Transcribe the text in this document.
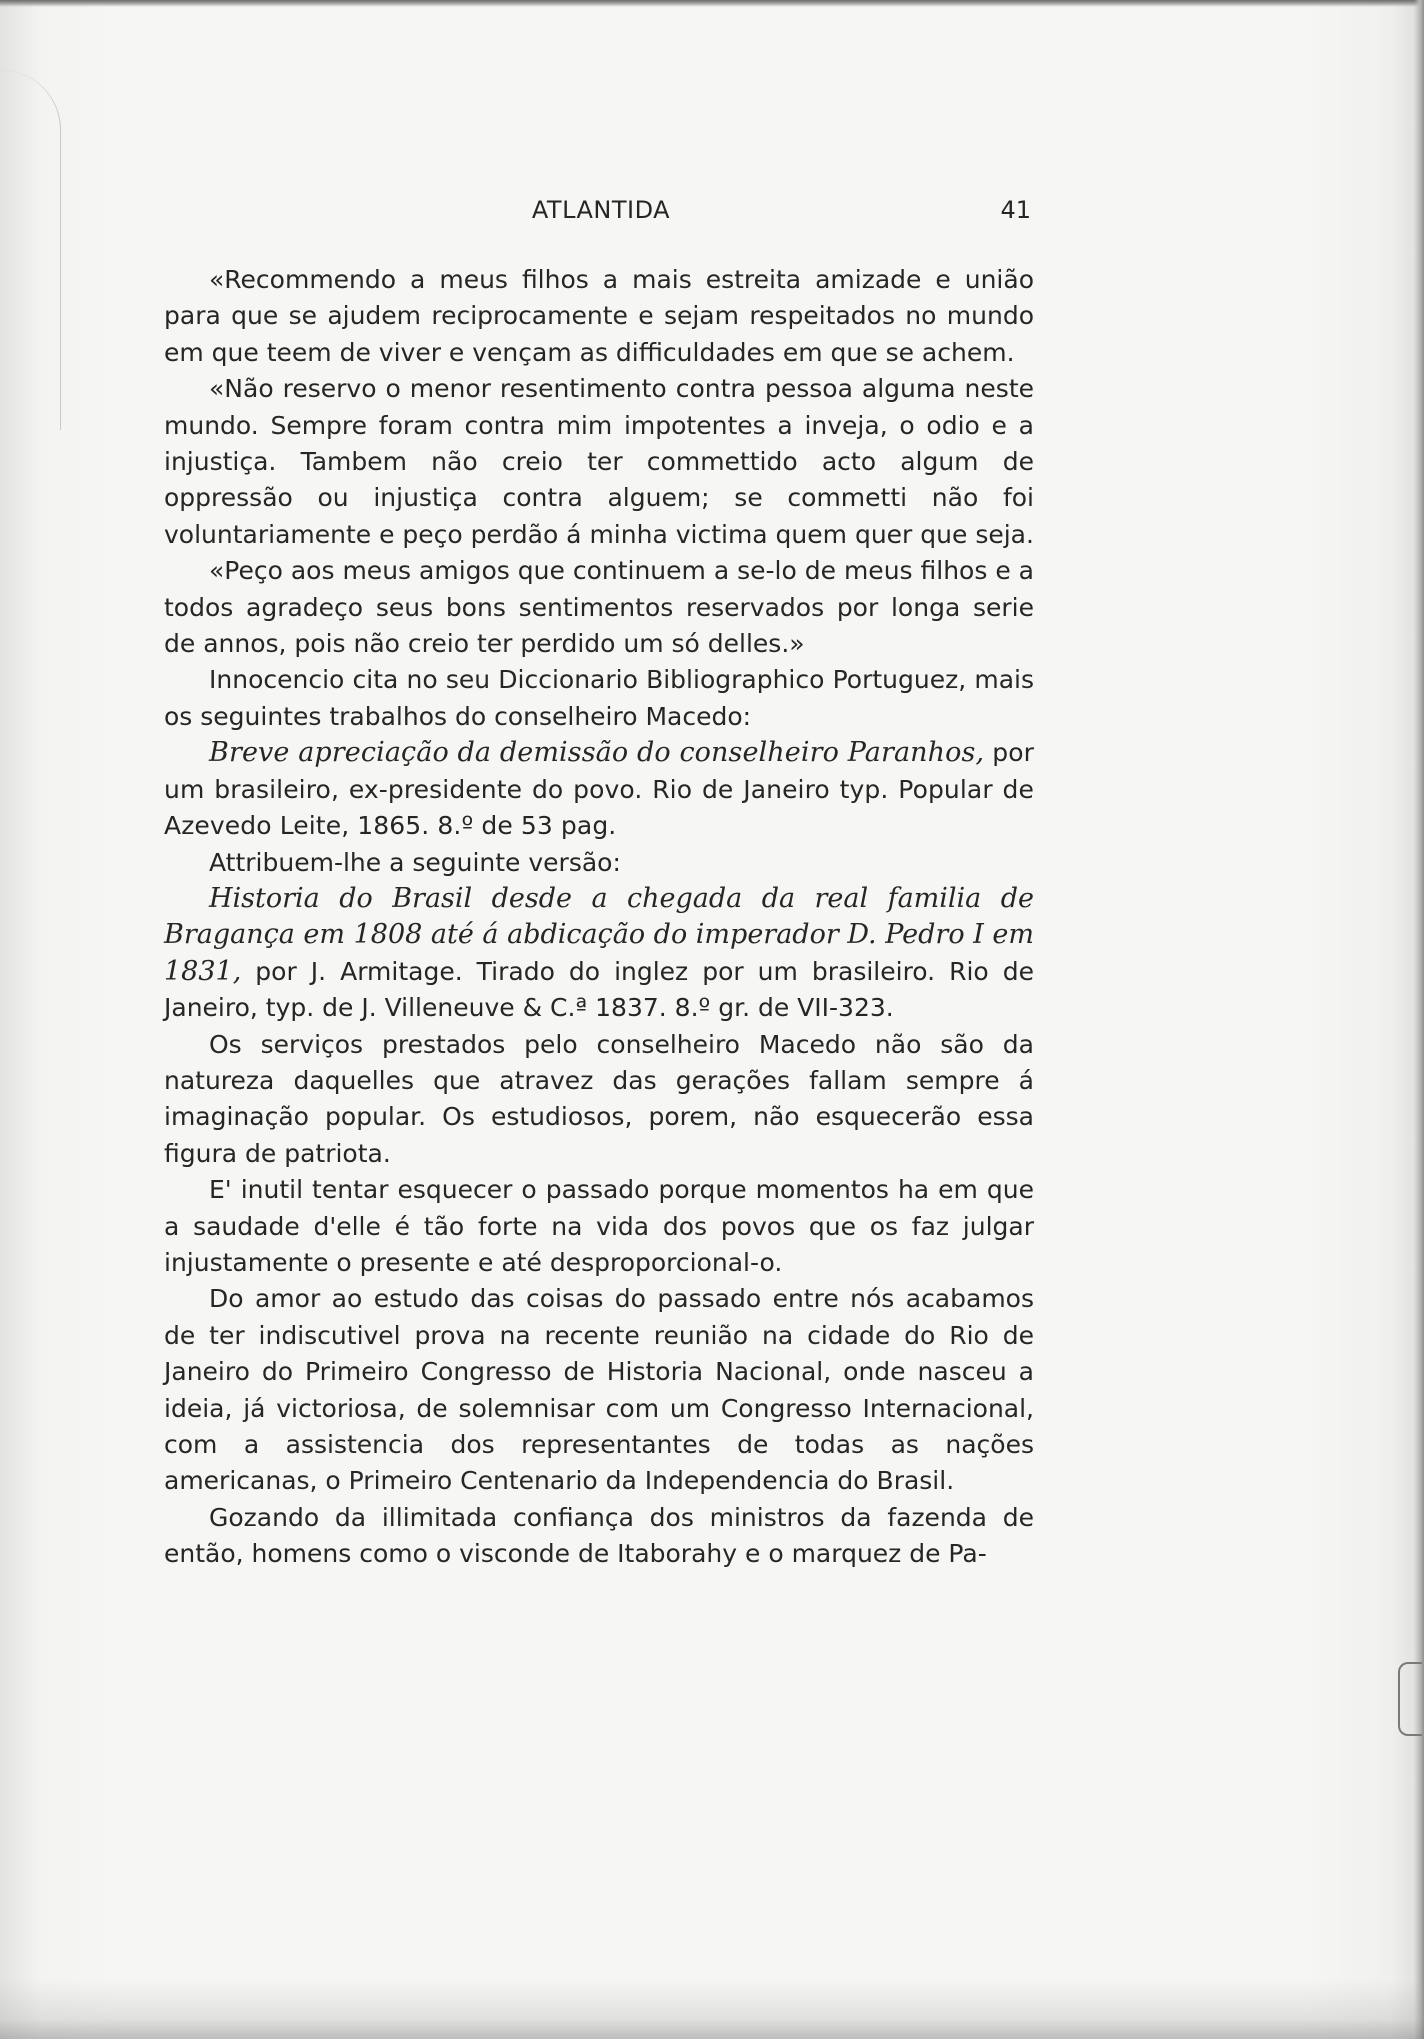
ATLANTIDA	41

«Recommendo a meus filhos a mais estreita amizade e união para que se ajudem reciprocamente e sejam respeitados no mundo em que teem de viver e vençam as difficuldades em que se achem.

«Não reservo o menor resentimento contra pessoa alguma neste mundo. Sempre foram contra mim impotentes a inveja, o odio e a injustiça. Tambem não creio ter commettido acto algum de oppressão ou injustiça contra alguem; se commetti não foi voluntariamente e peço perdão á minha victima quem quer que seja.

«Peço aos meus amigos que continuem a se-lo de meus filhos e a todos agradeço seus bons sentimentos reservados por longa serie de annos, pois não creio ter perdido um só delles.»

Innocencio cita no seu Diccionario Bibliographico Portuguez, mais os seguintes trabalhos do conselheiro Macedo:

Breve apreciação da demissão do conselheiro Paranhos, por um brasileiro, ex-presidente do povo. Rio de Janeiro typ. Popular de Azevedo Leite, 1865. 8.º de 53 pag.

Attribuem-lhe a seguinte versão:

Historia do Brasil desde a chegada da real familia de Bragança em 1808 até á abdicação do imperador D. Pedro I em 1831, por J. Armitage. Tirado do inglez por um brasileiro. Rio de Janeiro, typ. de J. Villeneuve & C.ª 1837. 8.º gr. de VII-323.

Os serviços prestados pelo conselheiro Macedo não são da natureza daquelles que atravez das gerações fallam sempre á imaginação popular. Os estudiosos, porem, não esquecerão essa figura de patriota.

E' inutil tentar esquecer o passado porque momentos ha em que a saudade d'elle é tão forte na vida dos povos que os faz julgar injustamente o presente e até desproporcional-o.

Do amor ao estudo das coisas do passado entre nós acabamos de ter indiscutivel prova na recente reunião na cidade do Rio de Janeiro do Primeiro Congresso de Historia Nacional, onde nasceu a ideia, já victoriosa, de solemnisar com um Congresso Internacional, com a assistencia dos representantes de todas as nações americanas, o Primeiro Centenario da Independencia do Brasil.

Gozando da illimitada confiança dos ministros da fazenda de então, homens como o visconde de Itaborahy e o marquez de Pa-
